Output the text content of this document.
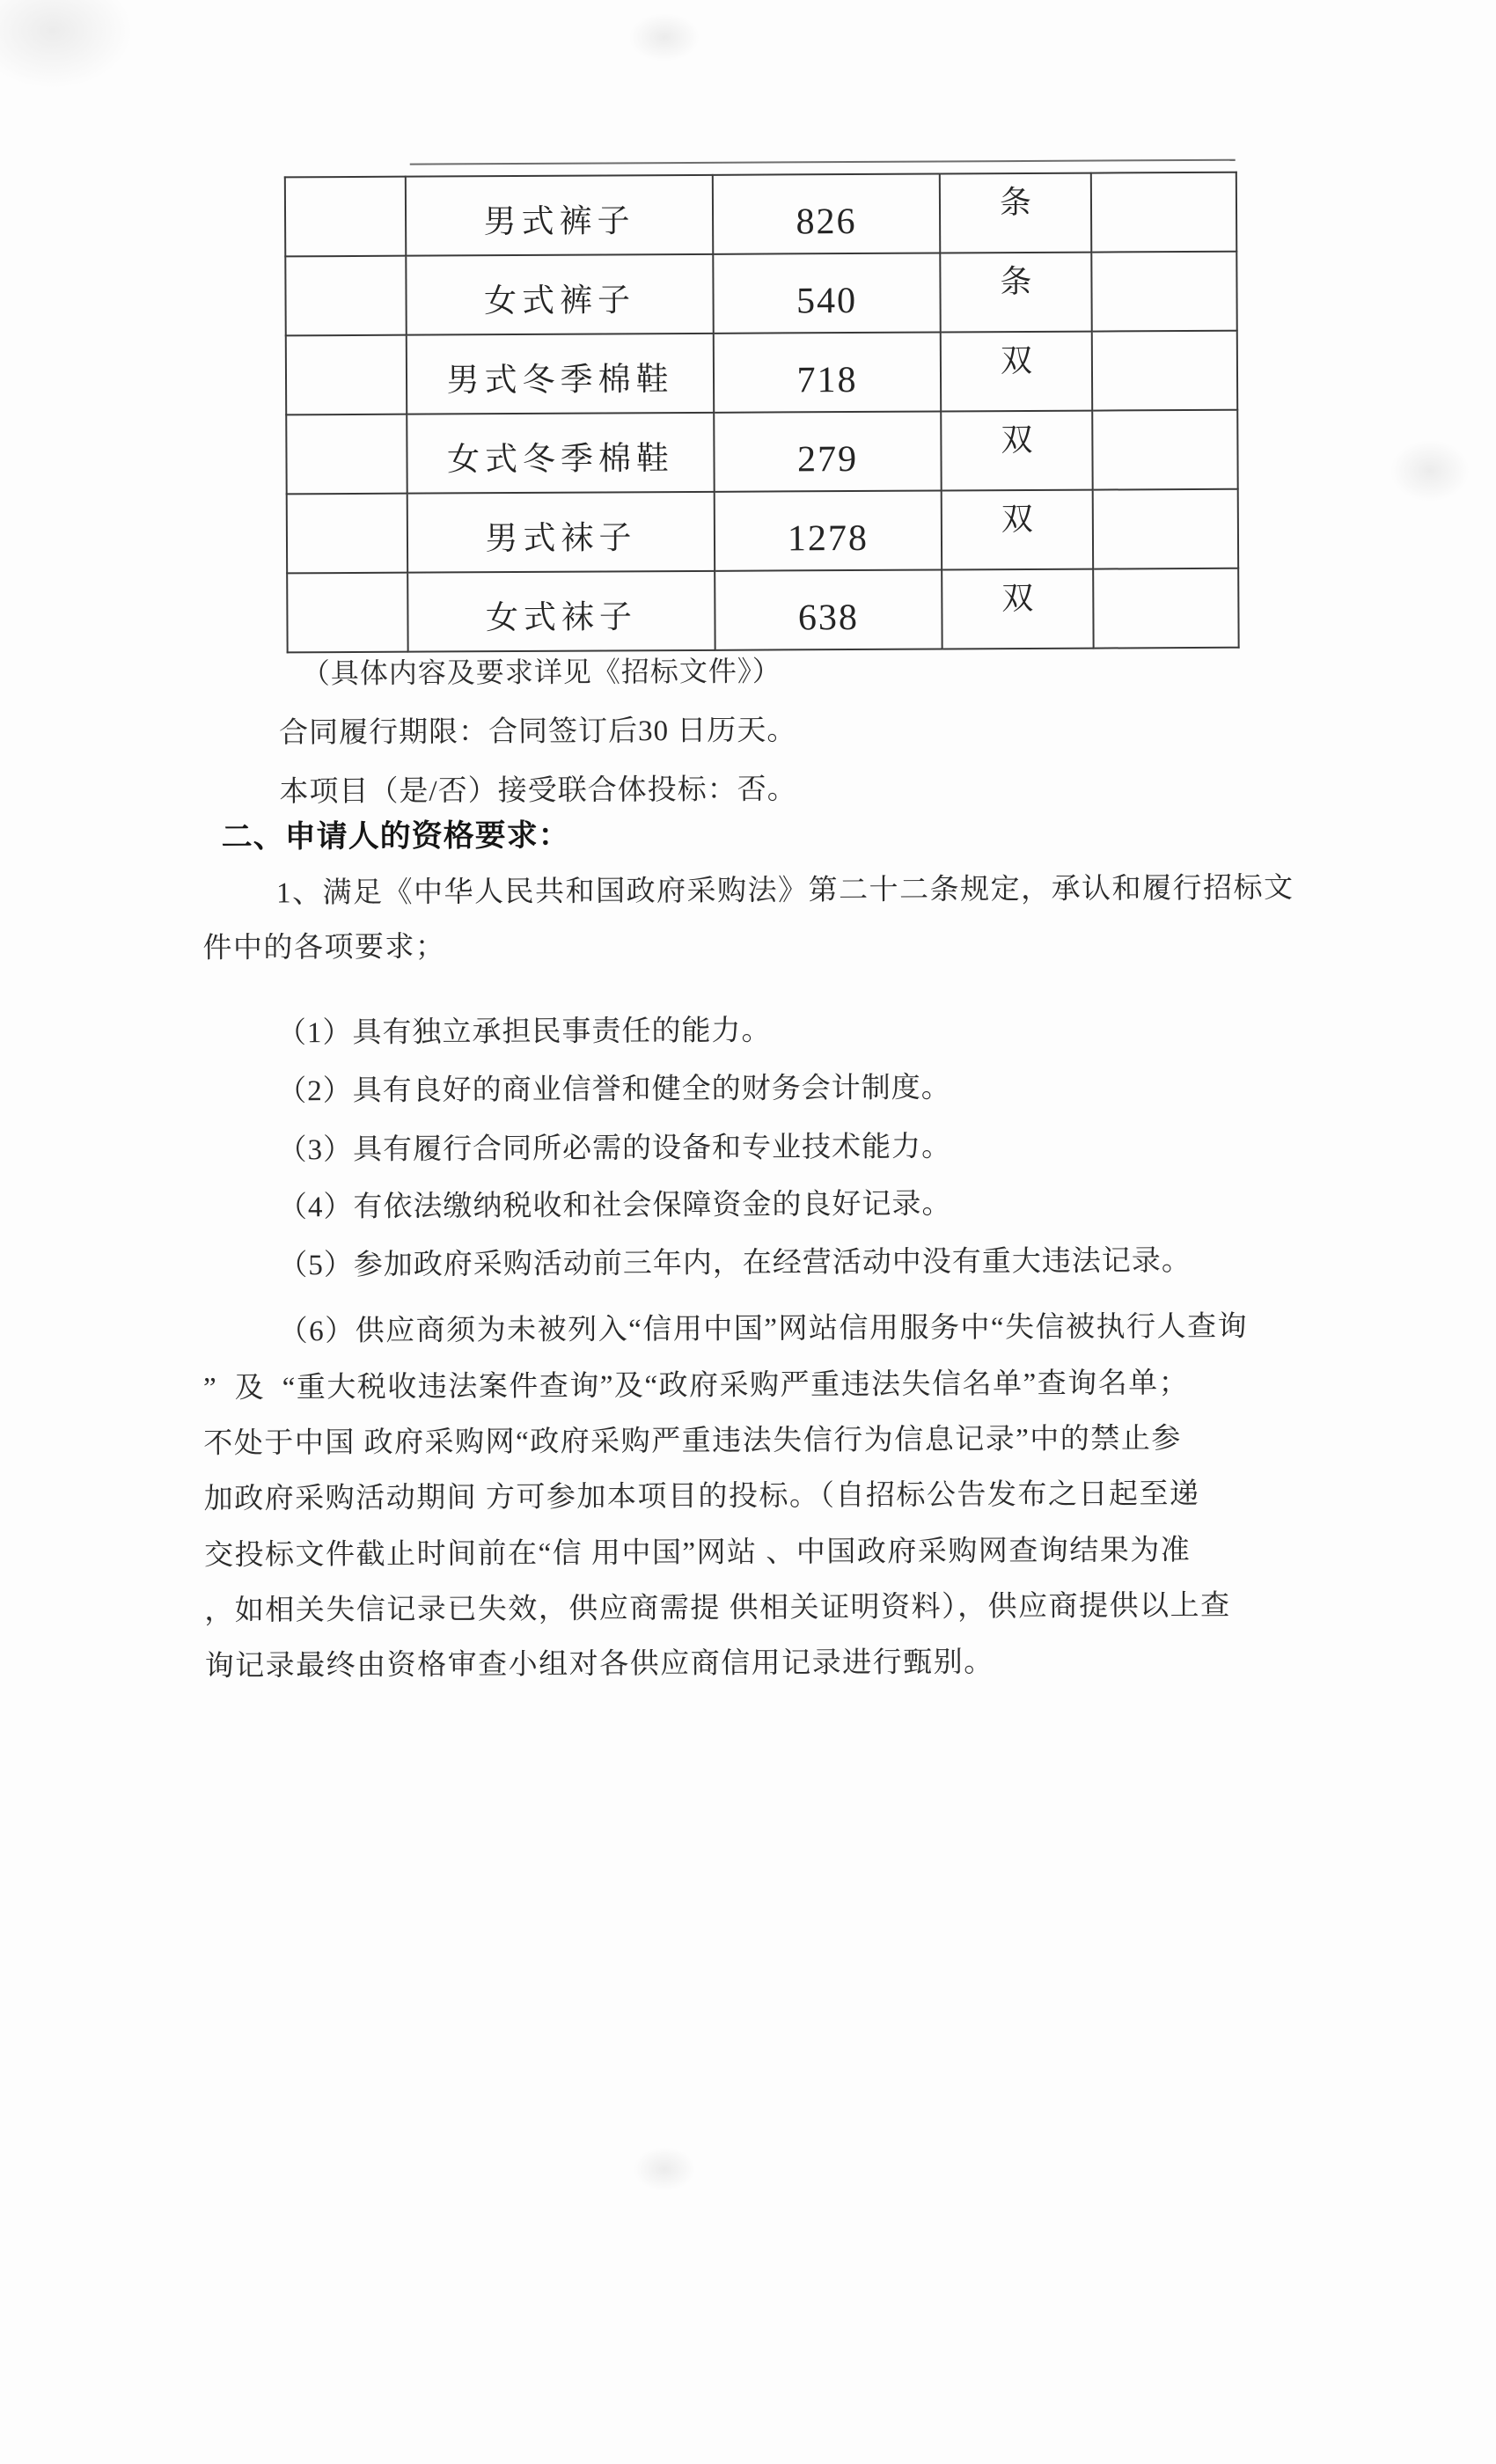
	男式裤子	826	条	
	女式裤子	540	条	
	男式冬季棉鞋	718	双	
	女式冬季棉鞋	279	双	
	男式袜子	1278	双	
	女式袜子	638	双	
（具体内容及要求详见《招标文件》）
合同履行期限：合同签订后30 日历天。
本项目（是/否）接受联合体投标：否。
二、申请人的资格要求：
1、满足《中华人民共和国政府采购法》第二十二条规定，承认和履行招标文
件中的各项要求；
（1）具有独立承担民事责任的能力。
（2）具有良好的商业信誉和健全的财务会计制度。
（3）具有履行合同所必需的设备和专业技术能力。
（4）有依法缴纳税收和社会保障资金的良好记录。
（5）参加政府采购活动前三年内，在经营活动中没有重大违法记录。
（6）供应商须为未被列入“信用中国”网站信用服务中“失信被执行人查询
”  及  “重大税收违法案件查询”及“政府采购严重违法失信名单”查询名单；
不处于中国 政府采购网“政府采购严重违法失信行为信息记录”中的禁止参
加政府采购活动期间 方可参加本项目的投标。（自招标公告发布之日起至递
交投标文件截止时间前在“信 用中国”网站 、中国政府采购网查询结果为准
，如相关失信记录已失效，供应商需提 供相关证明资料），供应商提供以上查
询记录最终由资格审查小组对各供应商信用记录进行甄别。
